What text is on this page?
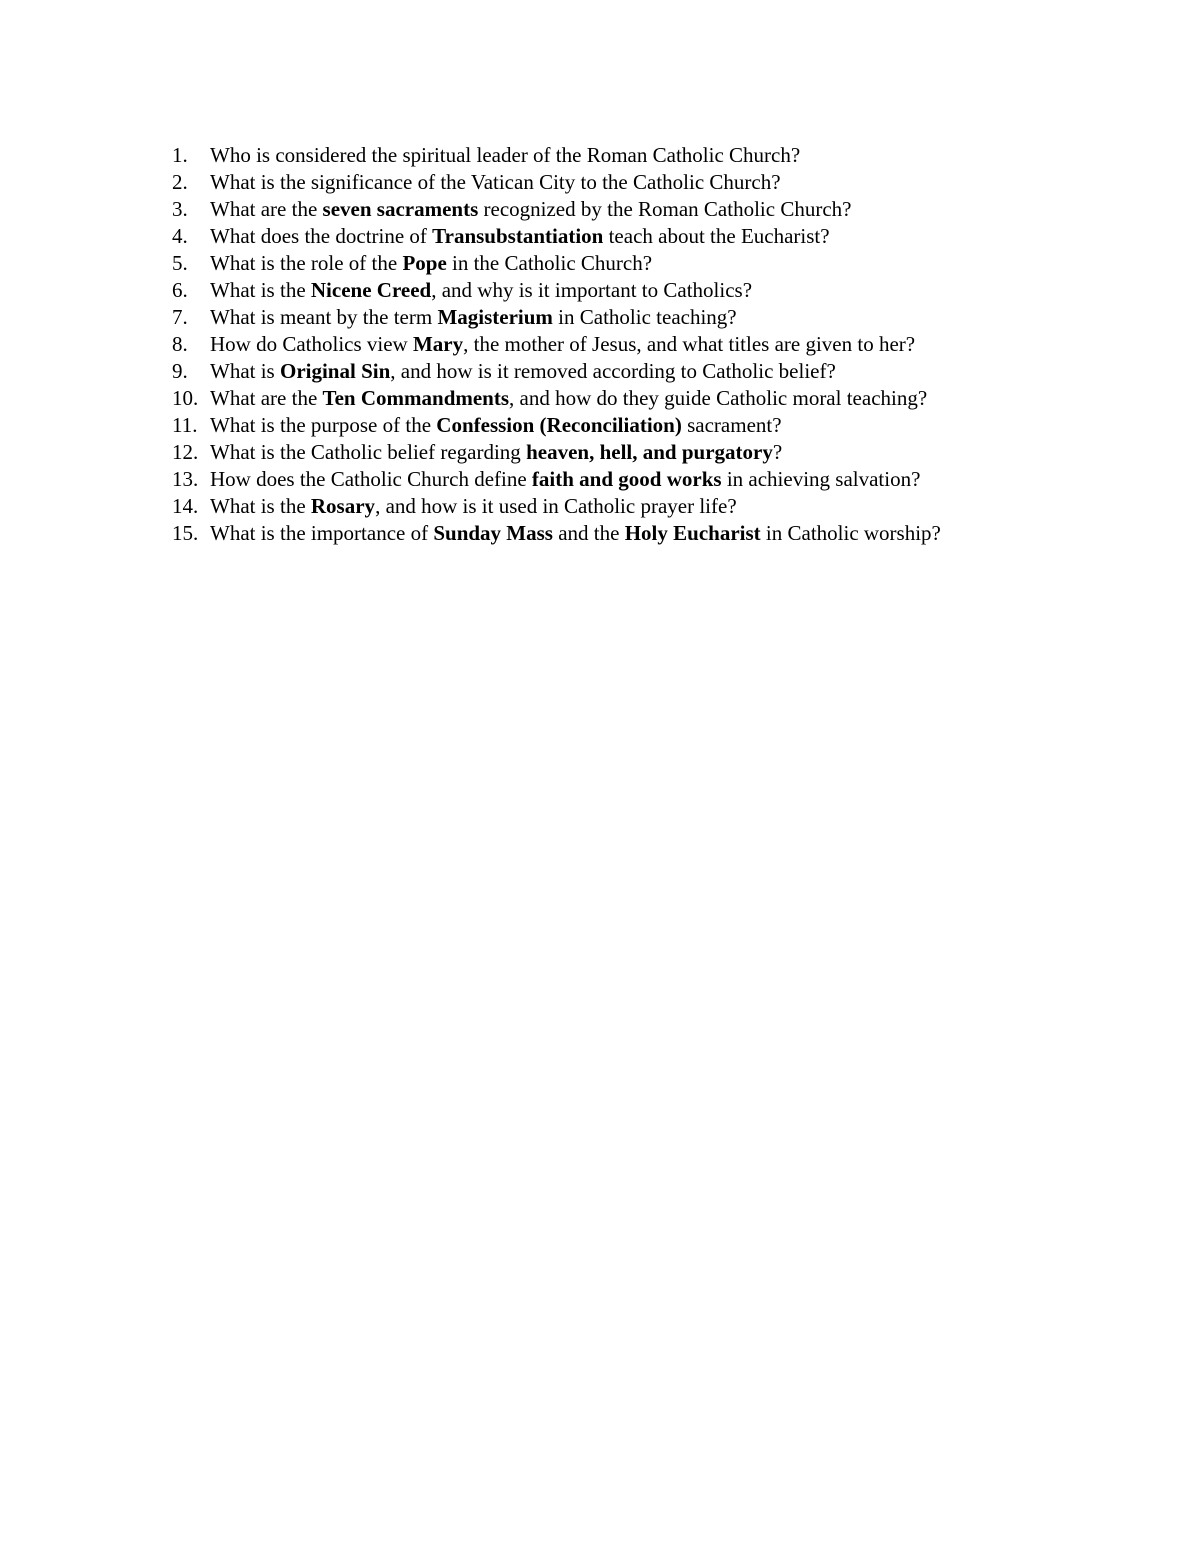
1.	Who is considered the spiritual leader of the Roman Catholic Church?
2.	What is the significance of the Vatican City to the Catholic Church?
3.	What are the seven sacraments recognized by the Roman Catholic Church?
4.	What does the doctrine of Transubstantiation teach about the Eucharist?
5.	What is the role of the Pope in the Catholic Church?
6.	What is the Nicene Creed, and why is it important to Catholics?
7.	What is meant by the term Magisterium in Catholic teaching?
8.	How do Catholics view Mary, the mother of Jesus, and what titles are given to her?
9.	What is Original Sin, and how is it removed according to Catholic belief?
10. What are the Ten Commandments, and how do they guide Catholic moral teaching?
11. What is the purpose of the Confession (Reconciliation) sacrament?
12. What is the Catholic belief regarding heaven, hell, and purgatory?
13. How does the Catholic Church define faith and good works in achieving salvation?
14. What is the Rosary, and how is it used in Catholic prayer life?
15. What is the importance of Sunday Mass and the Holy Eucharist in Catholic worship?
